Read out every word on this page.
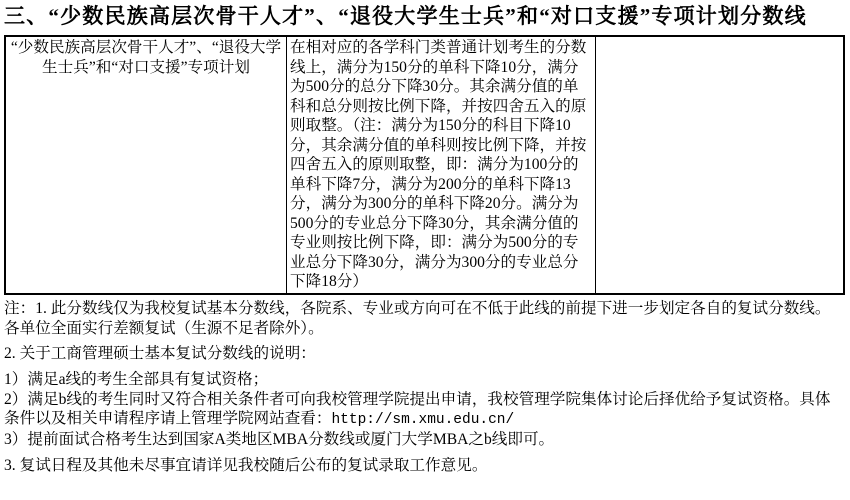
三、“少数民族高层次骨干人才”、“退役大学生士兵”和“对口支援”专项计划分数线
“少数民族高层次骨干人才”、“退役大学生士兵”和“对口支援”专项计划	在相对应的各学科门类普通计划考生的分数线上，满分为150分的单科下降10分，满分为500分的总分下降30分。其余满分值的单科和总分则按比例下降，并按四舍五入的原则取整。（注：满分为150分的科目下降10分，其余满分值的单科则按比例下降，并按四舍五入的原则取整，即：满分为100分的单科下降7分，满分为200分的单科下降13分，满分为300分的单科下降20分。满分为500分的专业总分下降30分，其余满分值的专业则按比例下降，即：满分为500分的专业总分下降30分，满分为300分的专业总分下降18分）	

注：1. 此分数线仅为我校复试基本分数线，各院系、专业或方向可在不低于此线的前提下进一步划定各自的复试分数线。各单位全面实行差额复试（生源不足者除外）。

2. 关于工商管理硕士基本复试分数线的说明：

1）满足a线的考生全部具有复试资格；

2）满足b线的考生同时又符合相关条件者可向我校管理学院提出申请，我校管理学院集体讨论后择优给予复试资格。具体条件以及相关申请程序请上管理学院网站查看：http://sm.xmu.edu.cn/

3）提前面试合格考生达到国家A类地区MBA分数线或厦门大学MBA之b线即可。

3. 复试日程及其他未尽事宜请详见我校随后公布的复试录取工作意见。
